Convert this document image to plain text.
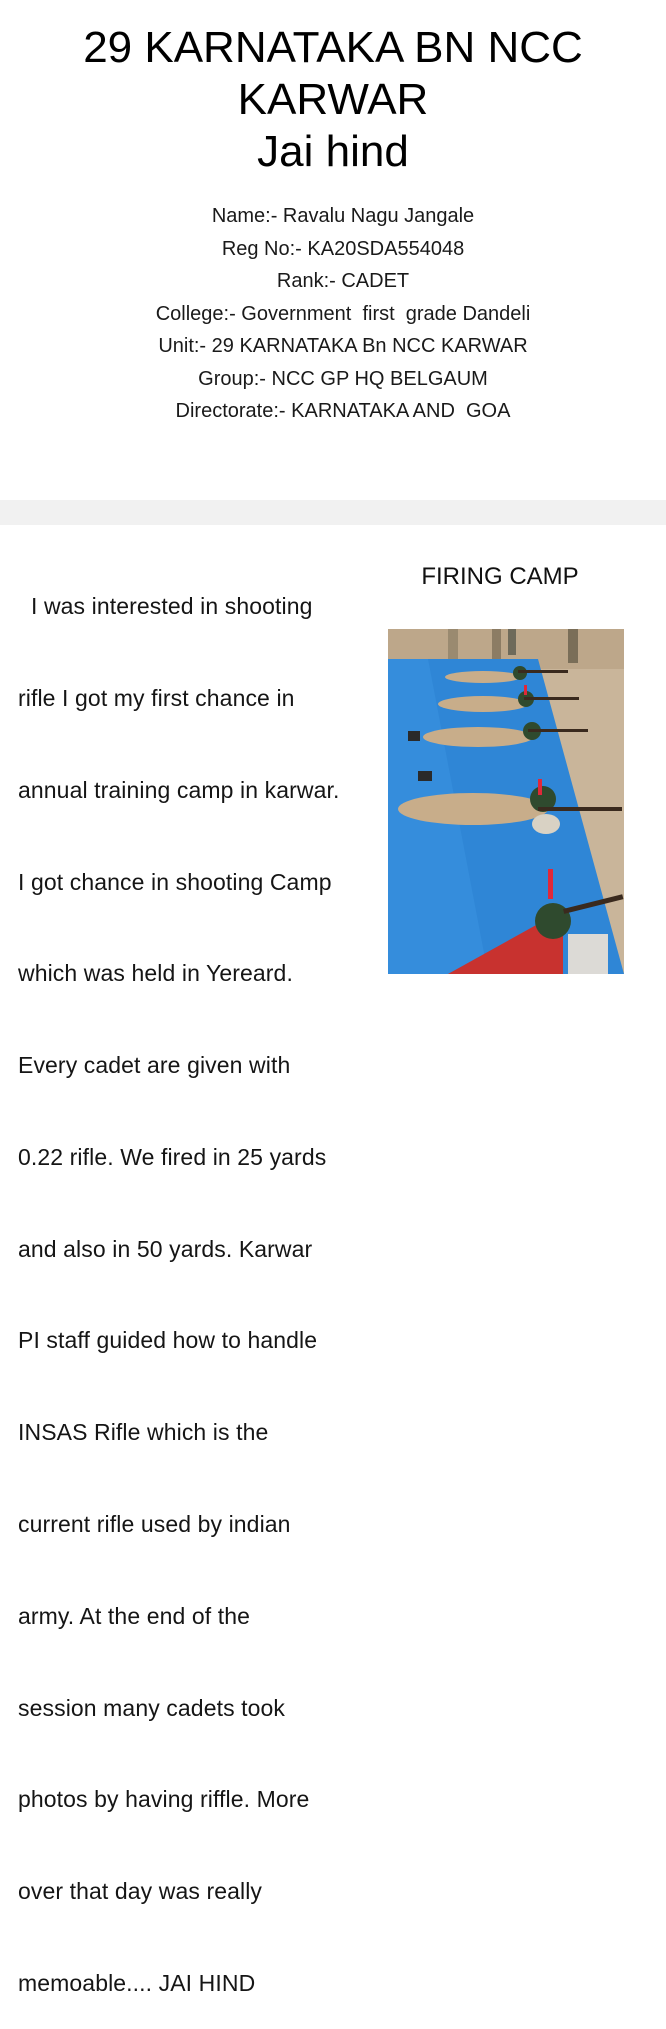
29 KARNATAKA BN NCC
KARWAR
Jai hind
Name:- Ravalu Nagu Jangale
Reg No:- KA20SDA554048
Rank:- CADET
College:- Government  first  grade Dandeli
Unit:- 29 KARNATAKA Bn NCC KARWAR
Group:- NCC GP HQ BELGAUM
Directorate:- KARNATAKA AND  GOA

I was interested in shooting

rifle I got my first chance in

annual training camp in karwar.

I got chance in shooting Camp

which was held in Yereard.

Every cadet are given with

0.22 rifle. We fired in 25 yards

and also in 50 yards. Karwar

PI staff guided how to handle

INSAS Rifle which is the

current rifle used by indian

army. At the end of the

session many cadets took

photos by having riffle. More

over that day was really

memoable.... JAI HIND

FIRING CAMP
